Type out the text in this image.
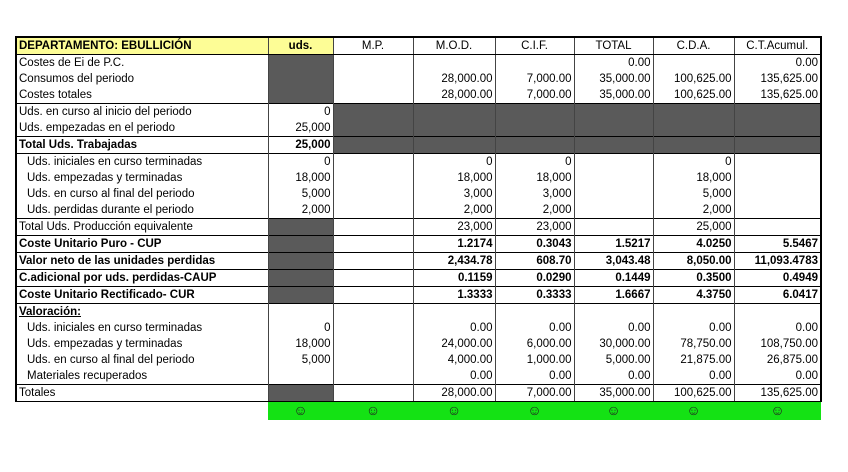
DEPARTAMENTO: EBULLICIÓN	uds.	M.P.	M.O.D.	C.I.F.	TOTAL	C.D.A.	C.T.Acumul.
Costes de Ei de P.C.					0.00		0.00
Consumos del periodo			28,000.00	7,000.00	35,000.00	100,625.00	135,625.00
Costes totales			28,000.00	7,000.00	35,000.00	100,625.00	135,625.00
Uds. en curso al inicio del periodo	0						
Uds. empezadas en el periodo	25,000						
Total Uds. Trabajadas	25,000						
Uds. iniciales en curso terminadas	0		0	0		0	
Uds. empezadas y terminadas	18,000		18,000	18,000		18,000	
Uds. en curso al final del periodo	5,000		3,000	3,000		5,000	
Uds. perdidas durante el periodo	2,000		2,000	2,000		2,000	
Total Uds. Producción equivalente			23,000	23,000		25,000	
Coste Unitario Puro - CUP			1.2174	0.3043	1.5217	4.0250	5.5467
Valor neto de las unidades perdidas			2,434.78	608.70	3,043.48	8,050.00	11,093.4783
C.adicional por uds. perdidas-CAUP			0.1159	0.0290	0.1449	0.3500	0.4949
Coste Unitario Rectificado- CUR			1.3333	0.3333	1.6667	4.3750	6.0417
Valoración:							
Uds. iniciales en curso terminadas	0		0.00	0.00	0.00	0.00	0.00
Uds. empezadas y terminadas	18,000		24,000.00	6,000.00	30,000.00	78,750.00	108,750.00
Uds. en curso al final del periodo	5,000		4,000.00	1,000.00	5,000.00	21,875.00	26,875.00
Materiales recuperados			0.00	0.00	0.00	0.00	0.00
Totales			28,000.00	7,000.00	35,000.00	100,625.00	135,625.00
	☺	☺	☺	☺	☺	☺	☺
